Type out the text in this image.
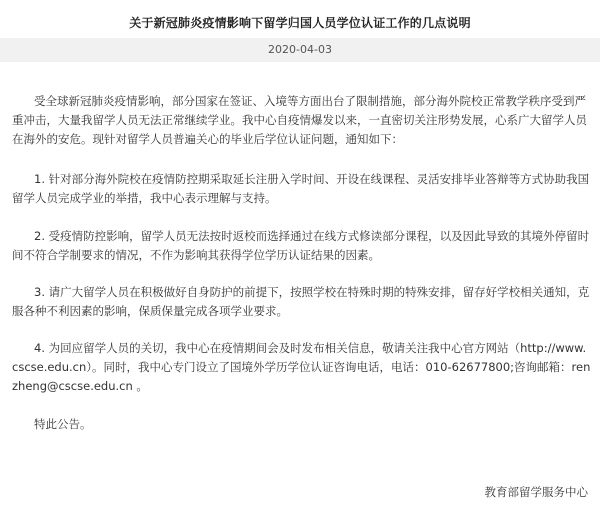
关于新冠肺炎疫情影响下留学归国人员学位认证工作的几点说明
2020-04-03

受全球新冠肺炎疫情影响，部分国家在签证、入境等方面出台了限制措施，部分海外院校正常教学秩序受到严重冲击，大量我留学人员无法正常继续学业。我中心自疫情爆发以来，一直密切关注形势发展，心系广大留学人员在海外的安危。现针对留学人员普遍关心的毕业后学位认证问题，通知如下：

1. 针对部分海外院校在疫情防控期采取延长注册入学时间、开设在线课程、灵活安排毕业答辩等方式协助我国留学人员完成学业的举措，我中心表示理解与支持。

2. 受疫情防控影响，留学人员无法按时返校而选择通过在线方式修读部分课程，以及因此导致的其境外停留时间不符合学制要求的情况，不作为影响其获得学位学历认证结果的因素。

3. 请广大留学人员在积极做好自身防护的前提下，按照学校在特殊时期的特殊安排，留存好学校相关通知，克服各种不利因素的影响，保质保量完成各项学业要求。

4. 为回应留学人员的关切，我中心在疫情期间会及时发布相关信息，敬请关注我中心官方网站（http://www.cscse.edu.cn）。同时，我中心专门设立了国境外学历学位认证咨询电话，电话：010-62677800;咨询邮箱：renzheng@cscse.edu.cn 。

特此公告。

教育部留学服务中心
